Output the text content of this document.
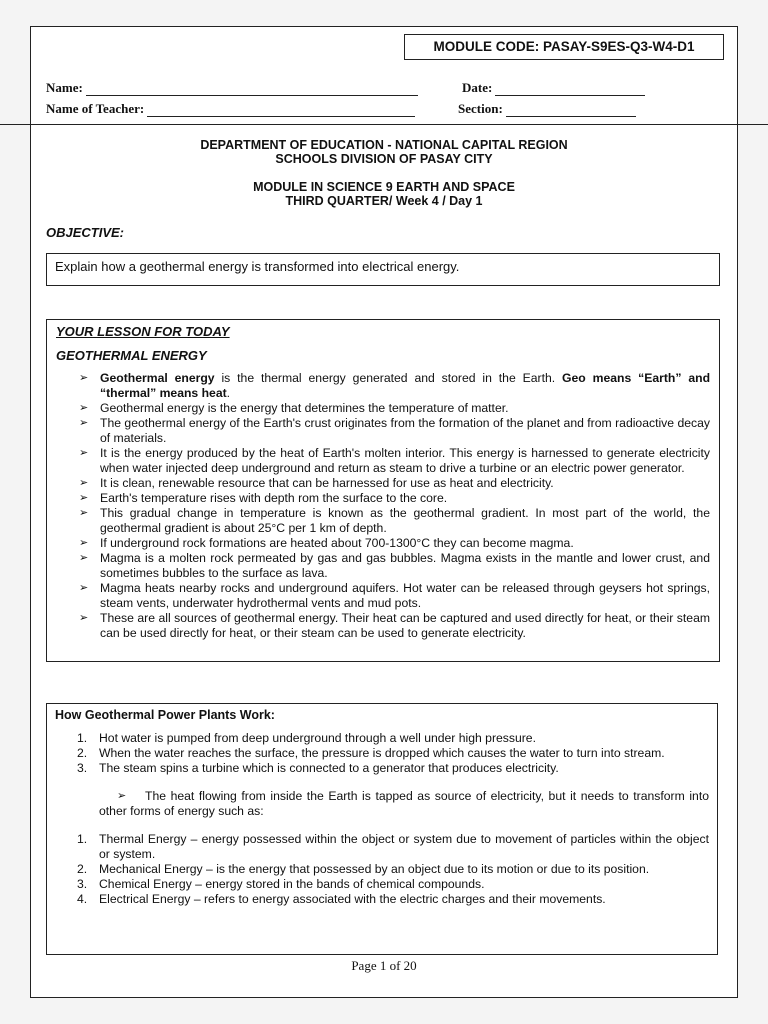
MODULE CODE: PASAY-S9ES-Q3-W4-D1
Name:	Date:
Name of Teacher:	Section:
DEPARTMENT OF EDUCATION - NATIONAL CAPITAL REGION
SCHOOLS DIVISION OF PASAY CITY
MODULE IN SCIENCE 9 EARTH AND SPACE
THIRD QUARTER/ Week 4 / Day 1
OBJECTIVE:
Explain how a geothermal energy is transformed into electrical energy.

YOUR LESSON FOR TODAY

GEOTHERMAL ENERGY

➢ Geothermal energy is the thermal energy generated and stored in the Earth. Geo means “Earth” and “thermal” means heat.
➢ Geothermal energy is the energy that determines the temperature of matter.
➢ The geothermal energy of the Earth's crust originates from the formation of the planet and from radioactive decay of materials.
➢ It is the energy produced by the heat of Earth's molten interior. This energy is harnessed to generate electricity when water injected deep underground and return as steam to drive a turbine or an electric power generator.
➢ It is clean, renewable resource that can be harnessed for use as heat and electricity.
➢ Earth's temperature rises with depth rom the surface to the core.
➢ This gradual change in temperature is known as the geothermal gradient. In most part of the world, the geothermal gradient is about 25°C per 1 km of depth.
➢ If underground rock formations are heated about 700-1300°C they can become magma.
➢ Magma is a molten rock permeated by gas and gas bubbles. Magma exists in the mantle and lower crust, and sometimes bubbles to the surface as lava.
➢ Magma heats nearby rocks and underground aquifers. Hot water can be released through geysers hot springs, steam vents, underwater hydrothermal vents and mud pots.
➢ These are all sources of geothermal energy. Their heat can be captured and used directly for heat, or their steam can be used directly for heat, or their steam can be used to generate electricity.

How Geothermal Power Plants Work:

1. Hot water is pumped from deep underground through a well under high pressure.
2. When the water reaches the surface, the pressure is dropped which causes the water to turn into stream.
3. The steam spins a turbine which is connected to a generator that produces electricity.
➢	The heat flowing from inside the Earth is tapped as source of electricity, but it needs to transform into other forms of energy such as:
1. Thermal Energy – energy possessed within the object or system due to movement of particles within the object or system.
2. Mechanical Energy – is the energy that possessed by an object due to its motion or due to its position.
3. Chemical Energy – energy stored in the bands of chemical compounds.
4. Electrical Energy – refers to energy associated with the electric charges and their movements.
Page 1 of 20
